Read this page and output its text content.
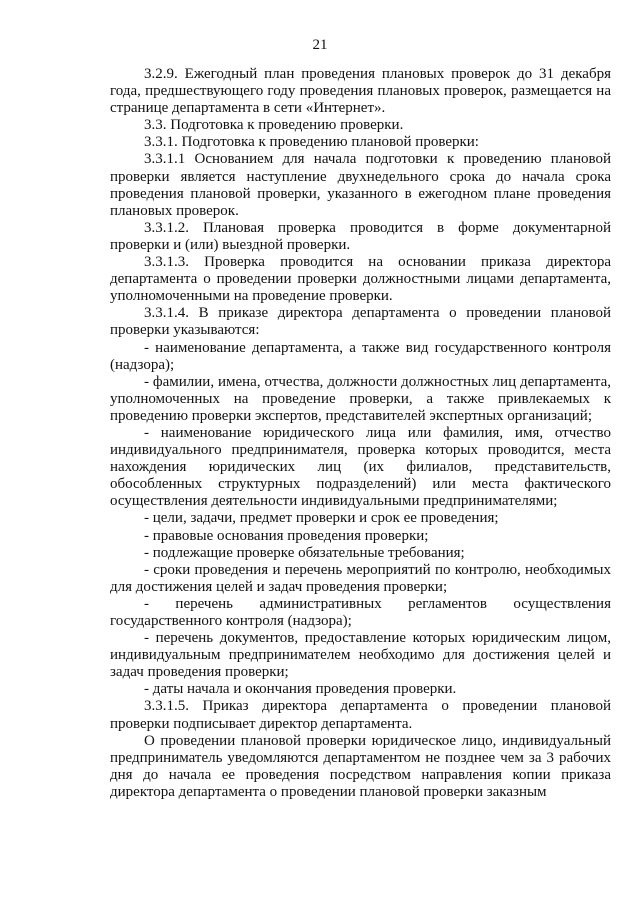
21

3.2.9. Ежегодный план проведения плановых проверок до 31 декабря года, предшествующего году проведения плановых проверок, размещается на странице департамента в сети «Интернет».

3.3. Подготовка к проведению проверки.

3.3.1. Подготовка к проведению плановой проверки:

3.3.1.1 Основанием для начала подготовки к проведению плановой проверки является наступление двухнедельного срока до начала срока проведения плановой проверки, указанного в ежегодном плане проведения плановых проверок.

3.3.1.2. Плановая проверка проводится в форме документарной проверки и (или) выездной проверки.

3.3.1.3. Проверка проводится на основании приказа директора департамента о проведении проверки должностными лицами департамента, уполномоченными на проведение проверки.

3.3.1.4. В приказе директора департамента о проведении плановой проверки указываются:

- наименование департамента, а также вид государственного контроля (надзора);

- фамилии, имена, отчества, должности должностных лиц департамента, уполномоченных на проведение проверки, а также привлекаемых к проведению проверки экспертов, представителей экспертных организаций;

- наименование юридического лица или фамилия, имя, отчество индивидуального предпринимателя, проверка которых проводится, места нахождения юридических лиц (их филиалов, представительств, обособленных структурных подразделений) или места фактического осуществления деятельности индивидуальными предпринимателями;

- цели, задачи, предмет проверки и срок ее проведения;

- правовые основания проведения проверки;

- подлежащие проверке обязательные требования;

- сроки проведения и перечень мероприятий по контролю, необходимых для достижения целей и задач проведения проверки;

- перечень административных регламентов осуществления государственного контроля (надзора);

- перечень документов, предоставление которых юридическим лицом, индивидуальным предпринимателем необходимо для достижения целей и задач проведения проверки;

- даты начала и окончания проведения проверки.

3.3.1.5. Приказ директора департамента о проведении плановой проверки подписывает директор департамента.

О проведении плановой проверки юридическое лицо, индивидуальный предприниматель уведомляются департаментом не позднее чем за 3 рабочих дня до начала ее проведения посредством направления копии приказа директора департамента о проведении плановой проверки заказным
